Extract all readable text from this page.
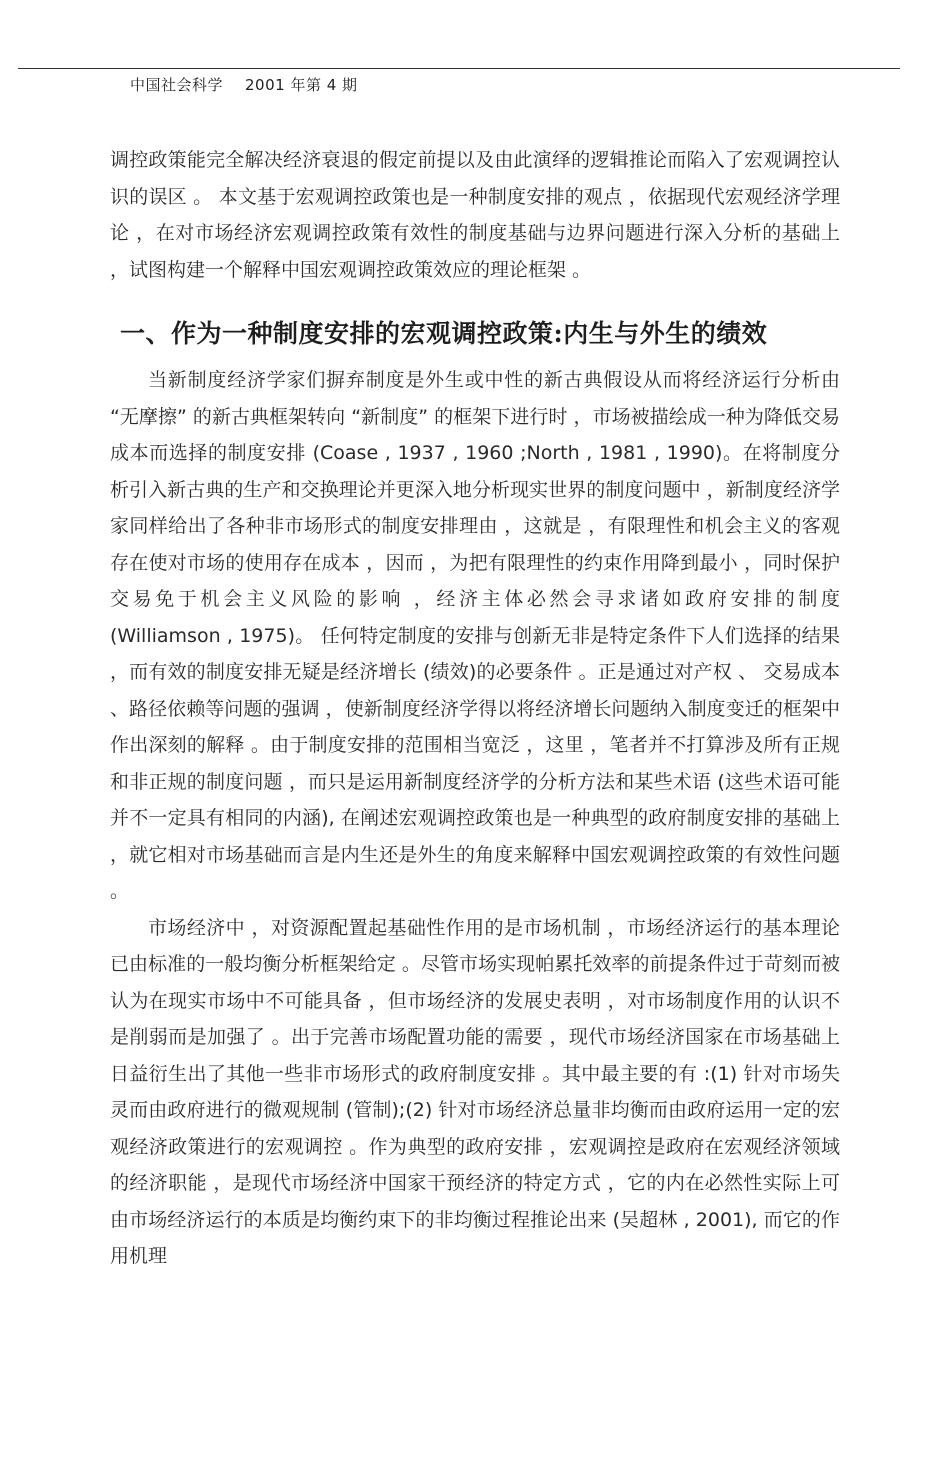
中国社会科学 2001 年第 4 期

调控政策能完全解决经济衰退的假定前提以及由此演绎的逻辑推论而陷入了宏观调控认识的误区 。 本文基于宏观调控政策也是一种制度安排的观点 ，依据现代宏观经济学理论 ，在对市场经济宏观调控政策有效性的制度基础与边界问题进行深入分析的基础上 ，试图构建一个解释中国宏观调控政策效应的理论框架 。

一、作为一种制度安排的宏观调控政策:内生与外生的绩效

当新制度经济学家们摒弃制度是外生或中性的新古典假设从而将经济运行分析由 “无摩擦” 的新古典框架转向 “新制度” 的框架下进行时 ，市场被描绘成一种为降低交易成本而选择的制度安排 (Coase , 1937 , 1960 ;North , 1981 , 1990)。在将制度分析引入新古典的生产和交换理论并更深入地分析现实世界的制度问题中 ，新制度经济学家同样给出了各种非市场形式的制度安排理由 ，这就是 ，有限理性和机会主义的客观存在使对市场的使用存在成本 ，因而 ，为把有限理性的约束作用降到最小 ，同时保护交易免于机会主义风险的影响 ，经济主体必然会寻求诸如政府安排的制度 (Williamson , 1975)。 任何特定制度的安排与创新无非是特定条件下人们选择的结果 ，而有效的制度安排无疑是经济增长 (绩效)的必要条件 。正是通过对产权 、 交易成本 、路径依赖等问题的强调 ，使新制度经济学得以将经济增长问题纳入制度变迁的框架中作出深刻的解释 。由于制度安排的范围相当宽泛 ，这里 ，笔者并不打算涉及所有正规和非正规的制度问题 ，而只是运用新制度经济学的分析方法和某些术语 (这些术语可能并不一定具有相同的内涵), 在阐述宏观调控政策也是一种典型的政府制度安排的基础上 ，就它相对市场基础而言是内生还是外生的角度来解释中国宏观调控政策的有效性问题 。

市场经济中 ，对资源配置起基础性作用的是市场机制 ，市场经济运行的基本理论已由标准的一般均衡分析框架给定 。尽管市场实现帕累托效率的前提条件过于苛刻而被认为在现实市场中不可能具备 ，但市场经济的发展史表明 ，对市场制度作用的认识不是削弱而是加强了 。出于完善市场配置功能的需要 ，现代市场经济国家在市场基础上日益衍生出了其他一些非市场形式的政府制度安排 。其中最主要的有 :(1) 针对市场失灵而由政府进行的微观规制 (管制);(2) 针对市场经济总量非均衡而由政府运用一定的宏观经济政策进行的宏观调控 。作为典型的政府安排 ，宏观调控是政府在宏观经济领域的经济职能 ，是现代市场经济中国家干预经济的特定方式 ，它的内在必然性实际上可由市场经济运行的本质是均衡约束下的非均衡过程推论出来 (吴超林 , 2001), 而它的作用机理
